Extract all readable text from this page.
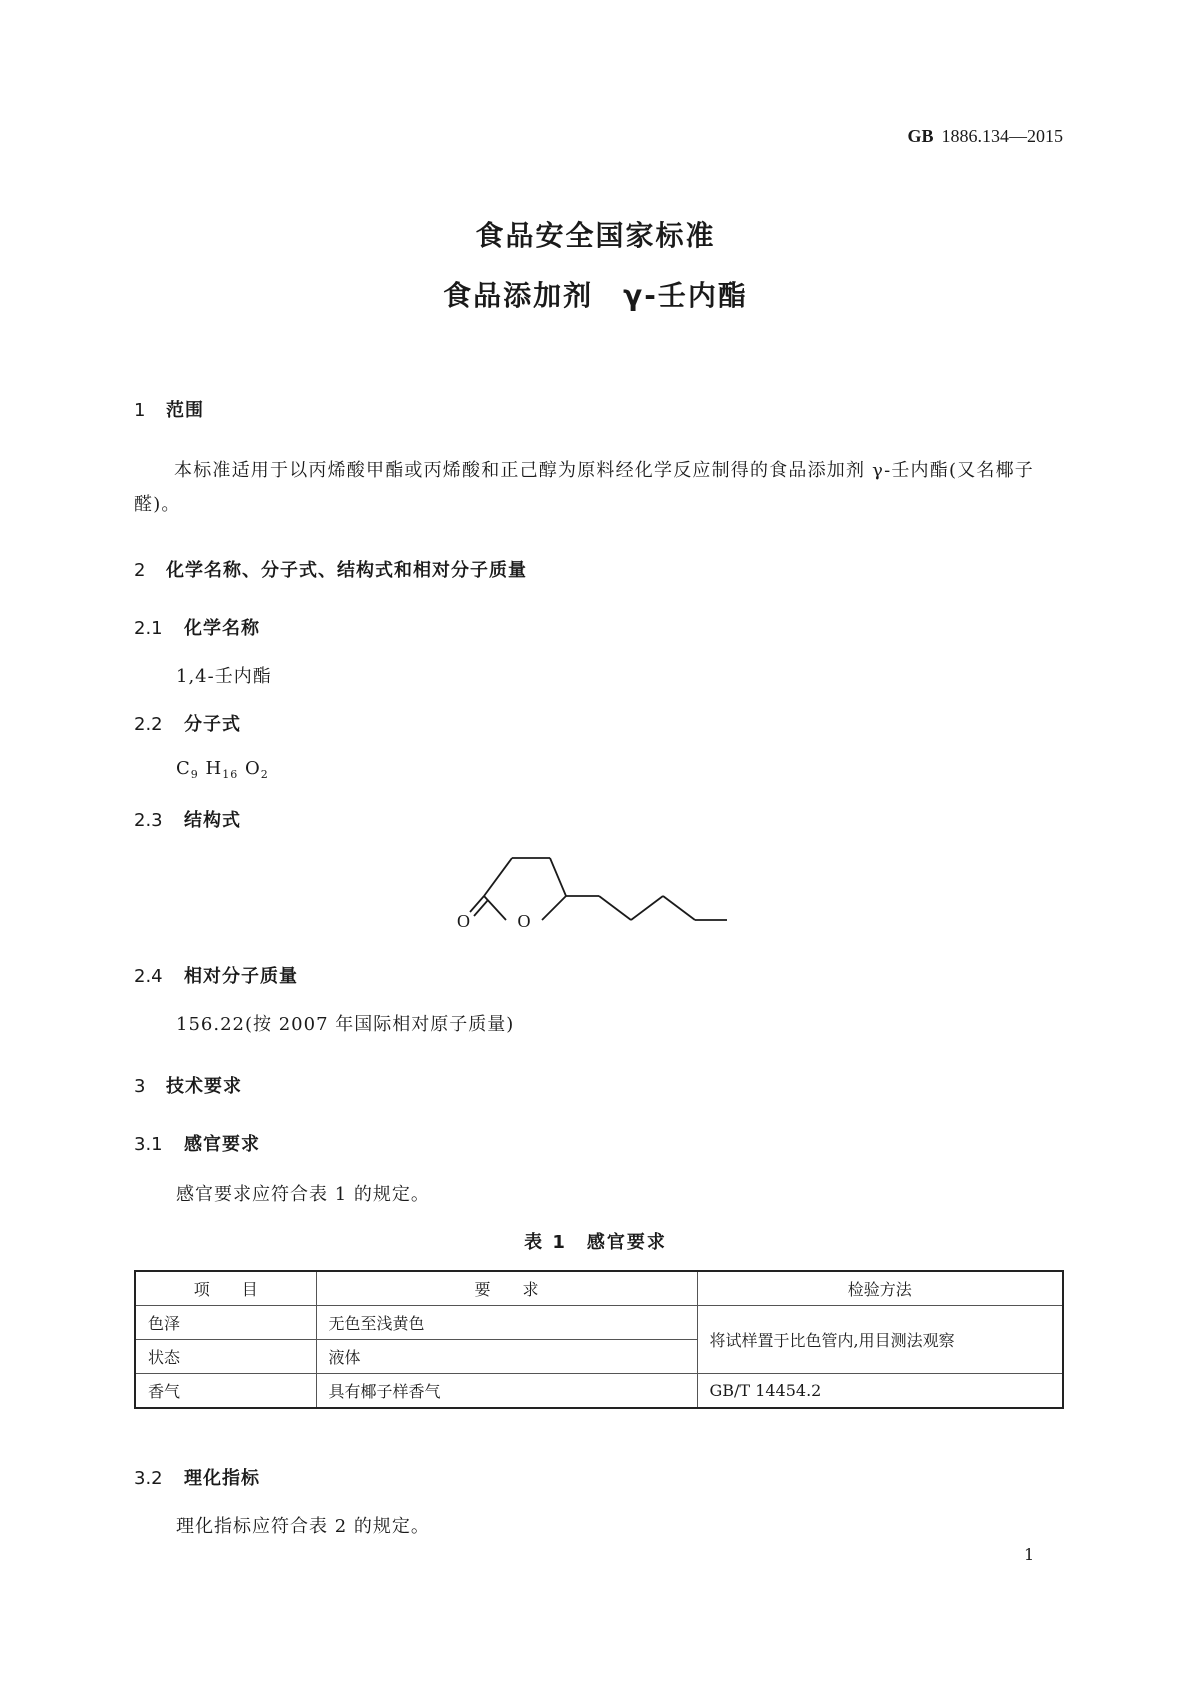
GB 1886.134—2015
食品安全国家标准
食品添加剂　γ-壬内酯
1 范围
本标准适用于以丙烯酸甲酯或丙烯酸和正己醇为原料经化学反应制得的食品添加剂 γ-壬内酯(又名椰子醛)。
2 化学名称、分子式、结构式和相对分子质量
2.1 化学名称
1,4-壬内酯
2.2 分子式
$C_9$ $H_{16}$ $O_2$
2.3 结构式
O	O
2.4 相对分子质量
156.22(按 2007 年国际相对原子质量)
3 技术要求
3.1 感官要求
感官要求应符合表 1 的规定。
表 1　感官要求
项　　目	要　　求	检验方法
色泽	无色至浅黄色	将试样置于比色管内,用目测法观察
状态	液体	
香气	具有椰子样香气	GB/T 14454.2
3.2 理化指标
理化指标应符合表 2 的规定。
1
